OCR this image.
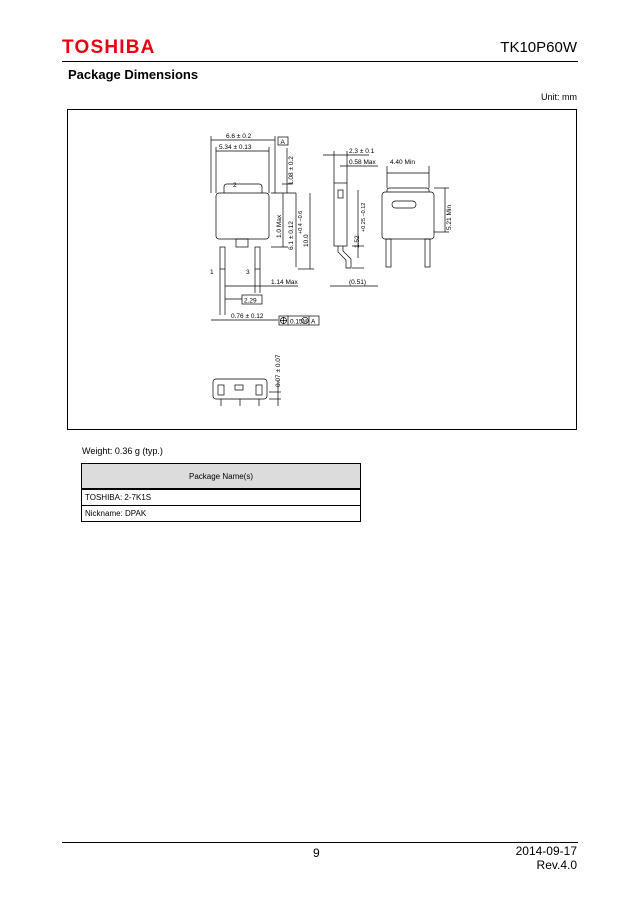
TOSHIBA	TK10P60W
Package Dimensions
Unit: mm
6.6 ± 0.2
5.34 ± 0.13
A
1.08 ± 0.2
2.3 ± 0.1
0.58 Max 4.40 Min
5.21 Min
2
1	3
1.0 Max 6.1 ± 0.12 10.0
+0.4 −0.6
1.52
+0.25 −0.12
1.14 Max	(0.51)
2.29
0.76 ± 0.12
0.15 M A
0.07 ± 0.07
Weight: 0.36 g (typ.)
Package Name(s)
TOSHIBA: 2-7K1S
Nickname: DPAK
9	2014-09-17
Rev.4.0
